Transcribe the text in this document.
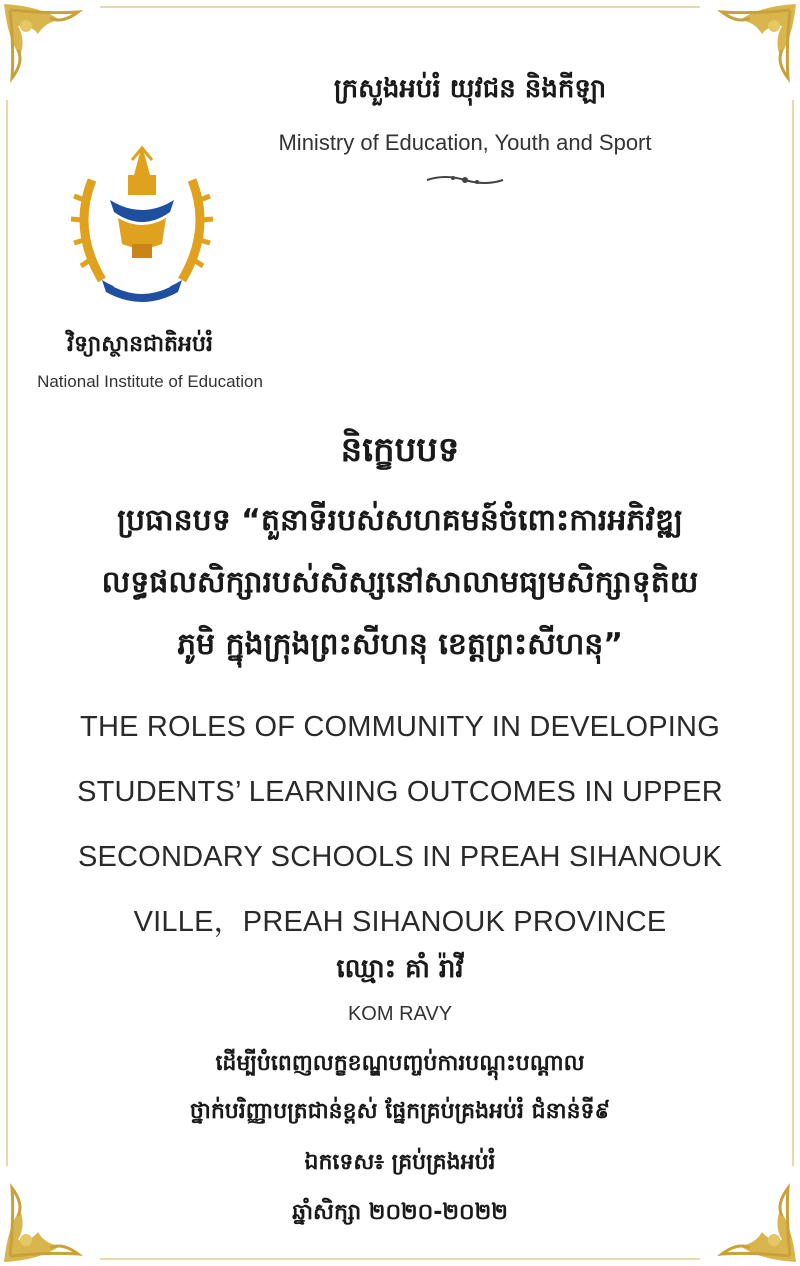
ក្រសួងអប់រំ យុវជន និងកីឡា
Ministry of Education, Youth and Sport
វិទ្យាស្ថានជាតិអប់រំ
National Institute of Education
និក្ខេបបទ
ប្រធានបទ “តួនាទីរបស់សហគមន៍ចំពោះការអភិវឌ្ឍ
លទ្ធផលសិក្សារបស់សិស្សនៅសាលាមធ្យមសិក្សាទុតិយ
ភូមិ ក្នុងក្រុងព្រះសីហនុ ខេត្តព្រះសីហនុ”
THE ROLES OF COMMUNITY IN DEVELOPING
STUDENTS’ LEARNING OUTCOMES IN UPPER
SECONDARY SCHOOLS IN PREAH SIHANOUK
VILLE，PREAH SIHANOUK PROVINCE
ឈ្មោះ គាំ រ៉ាវី
KOM RAVY
ដើម្បីបំពេញលក្ខខណ្ឌបញ្ចប់ការបណ្ដុះបណ្ដាល
ថ្នាក់បរិញ្ញាបត្រជាន់ខ្ពស់ ផ្នែកគ្រប់គ្រងអប់រំ ជំនាន់ទី៩
ឯកទេស៖ គ្រប់គ្រងអប់រំ
ឆ្នាំសិក្សា ២០២០-២០២២
